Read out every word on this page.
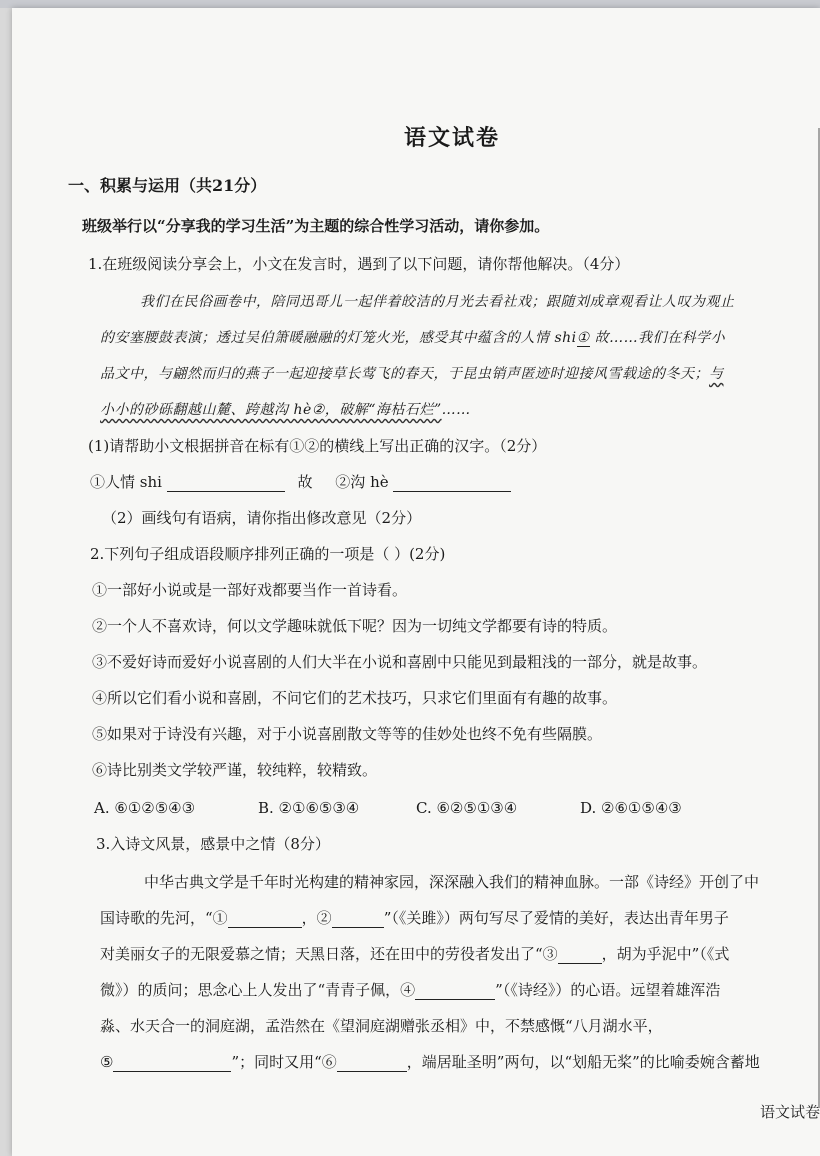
语文试卷
一、积累与运用（共21分）
班级举行以“分享我的学习生活”为主题的综合性学习活动，请你参加。
1.在班级阅读分享会上，小文在发言时，遇到了以下问题，请你帮他解决。（4分）
我们在民俗画卷中，陪同迅哥儿一起伴着皎洁的月光去看社戏；跟随刘成章观看让人叹为观止
的安塞腰鼓表演；透过吴伯箫暖融融的灯笼火光，感受其中蕴含的人情 shi① 故……我们在科学小
品文中，与翩然而归的燕子一起迎接草长莺飞的春天，于昆虫销声匿迹时迎接风雪载途的冬天；与
小小的砂砾翻越山麓、跨越沟 hè②，破解“海枯石烂”……
(1)请帮助小文根据拼音在标有①②的横线上写出正确的汉字。（2分）
①人情 shi	故 ②沟 hè
（2）画线句有语病，请你指出修改意见（2分）
2.下列句子组成语段顺序排列正确的一项是（ ）(2分)
①一部好小说或是一部好戏都要当作一首诗看。
②一个人不喜欢诗，何以文学趣味就低下呢？因为一切纯文学都要有诗的特质。
③不爱好诗而爱好小说喜剧的人们大半在小说和喜剧中只能见到最粗浅的一部分，就是故事。
④所以它们看小说和喜剧，不问它们的艺术技巧，只求它们里面有有趣的故事。
⑤如果对于诗没有兴趣，对于小说喜剧散文等等的佳妙处也终不免有些隔膜。
⑥诗比别类文学较严谨，较纯粹，较精致。
A. ⑥①②⑤④③	B. ②①⑥⑤③④	C. ⑥②⑤①③④	D. ②⑥①⑤④③
3.入诗文风景，感景中之情（8分）
中华古典文学是千年时光构建的精神家园，深深融入我们的精神血脉。一部《诗经》开创了中
国诗歌的先河，“①	，②	”（《关雎》）两句写尽了爱情的美好，表达出青年男子
对美丽女子的无限爱慕之情；天黑日落，还在田中的劳役者发出了“③	，胡为乎泥中”（《式
微》）的质问；思念心上人发出了“青青子佩，④	”（《诗经》）的心语。远望着雄浑浩
淼、水天合一的洞庭湖，孟浩然在《望洞庭湖赠张丞相》中，不禁感慨“八月湖水平，
⑤	”；同时又用“⑥	，端居耻圣明”两句，以“划船无桨”的比喻委婉含蓄地
语文试卷
